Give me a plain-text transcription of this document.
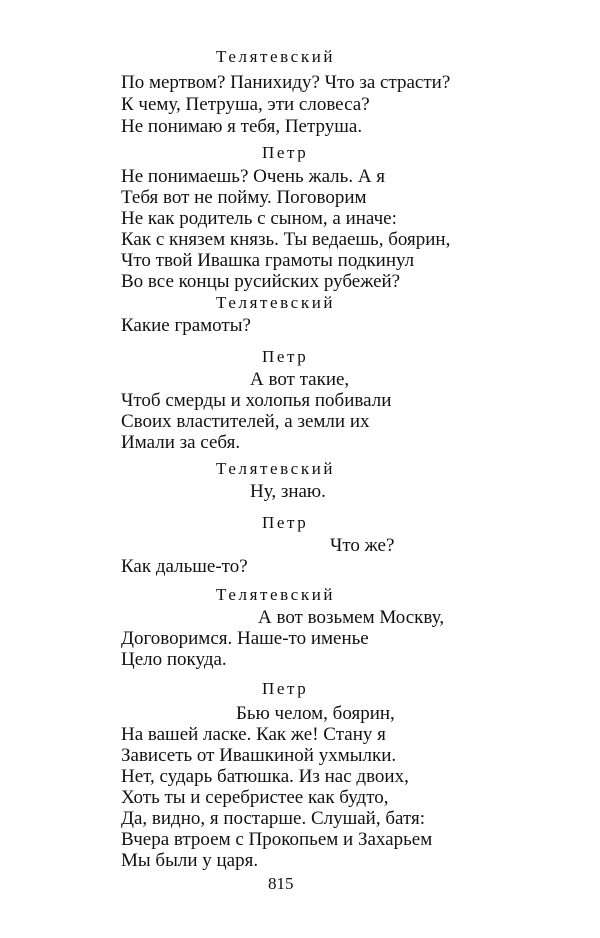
Телятевский
По мертвом? Панихиду? Что за страсти?
К чему, Петруша, эти словеса?
Не понимаю я тебя, Петруша.
Петр
Не понимаешь? Очень жаль. А я
Тебя вот не пойму. Поговорим
Не как родитель с сыном, а иначе:
Как с князем князь. Ты ведаешь, боярин,
Что твой Ивашка грамоты подкинул
Во все концы русийских рубежей?
Телятевский
Какие грамоты?
Петр
А вот такие,
Чтоб смерды и холопья побивали
Своих властителей, а земли их
Имали за себя.
Телятевский
Ну, знаю.
Петр
Что же?
Как дальше-то?
Телятевский
А вот возьмем Москву,
Договоримся. Наше-то именье
Цело покуда.
Петр
Бью челом, боярин,
На вашей ласке. Как же! Стану я
Зависеть от Ивашкиной ухмылки.
Нет, сударь батюшка. Из нас двоих,
Хоть ты и серебристее как будто,
Да, видно, я постарше. Слушай, батя:
Вчера втроем с Прокопьем и Захарьем
Мы были у царя.
815
